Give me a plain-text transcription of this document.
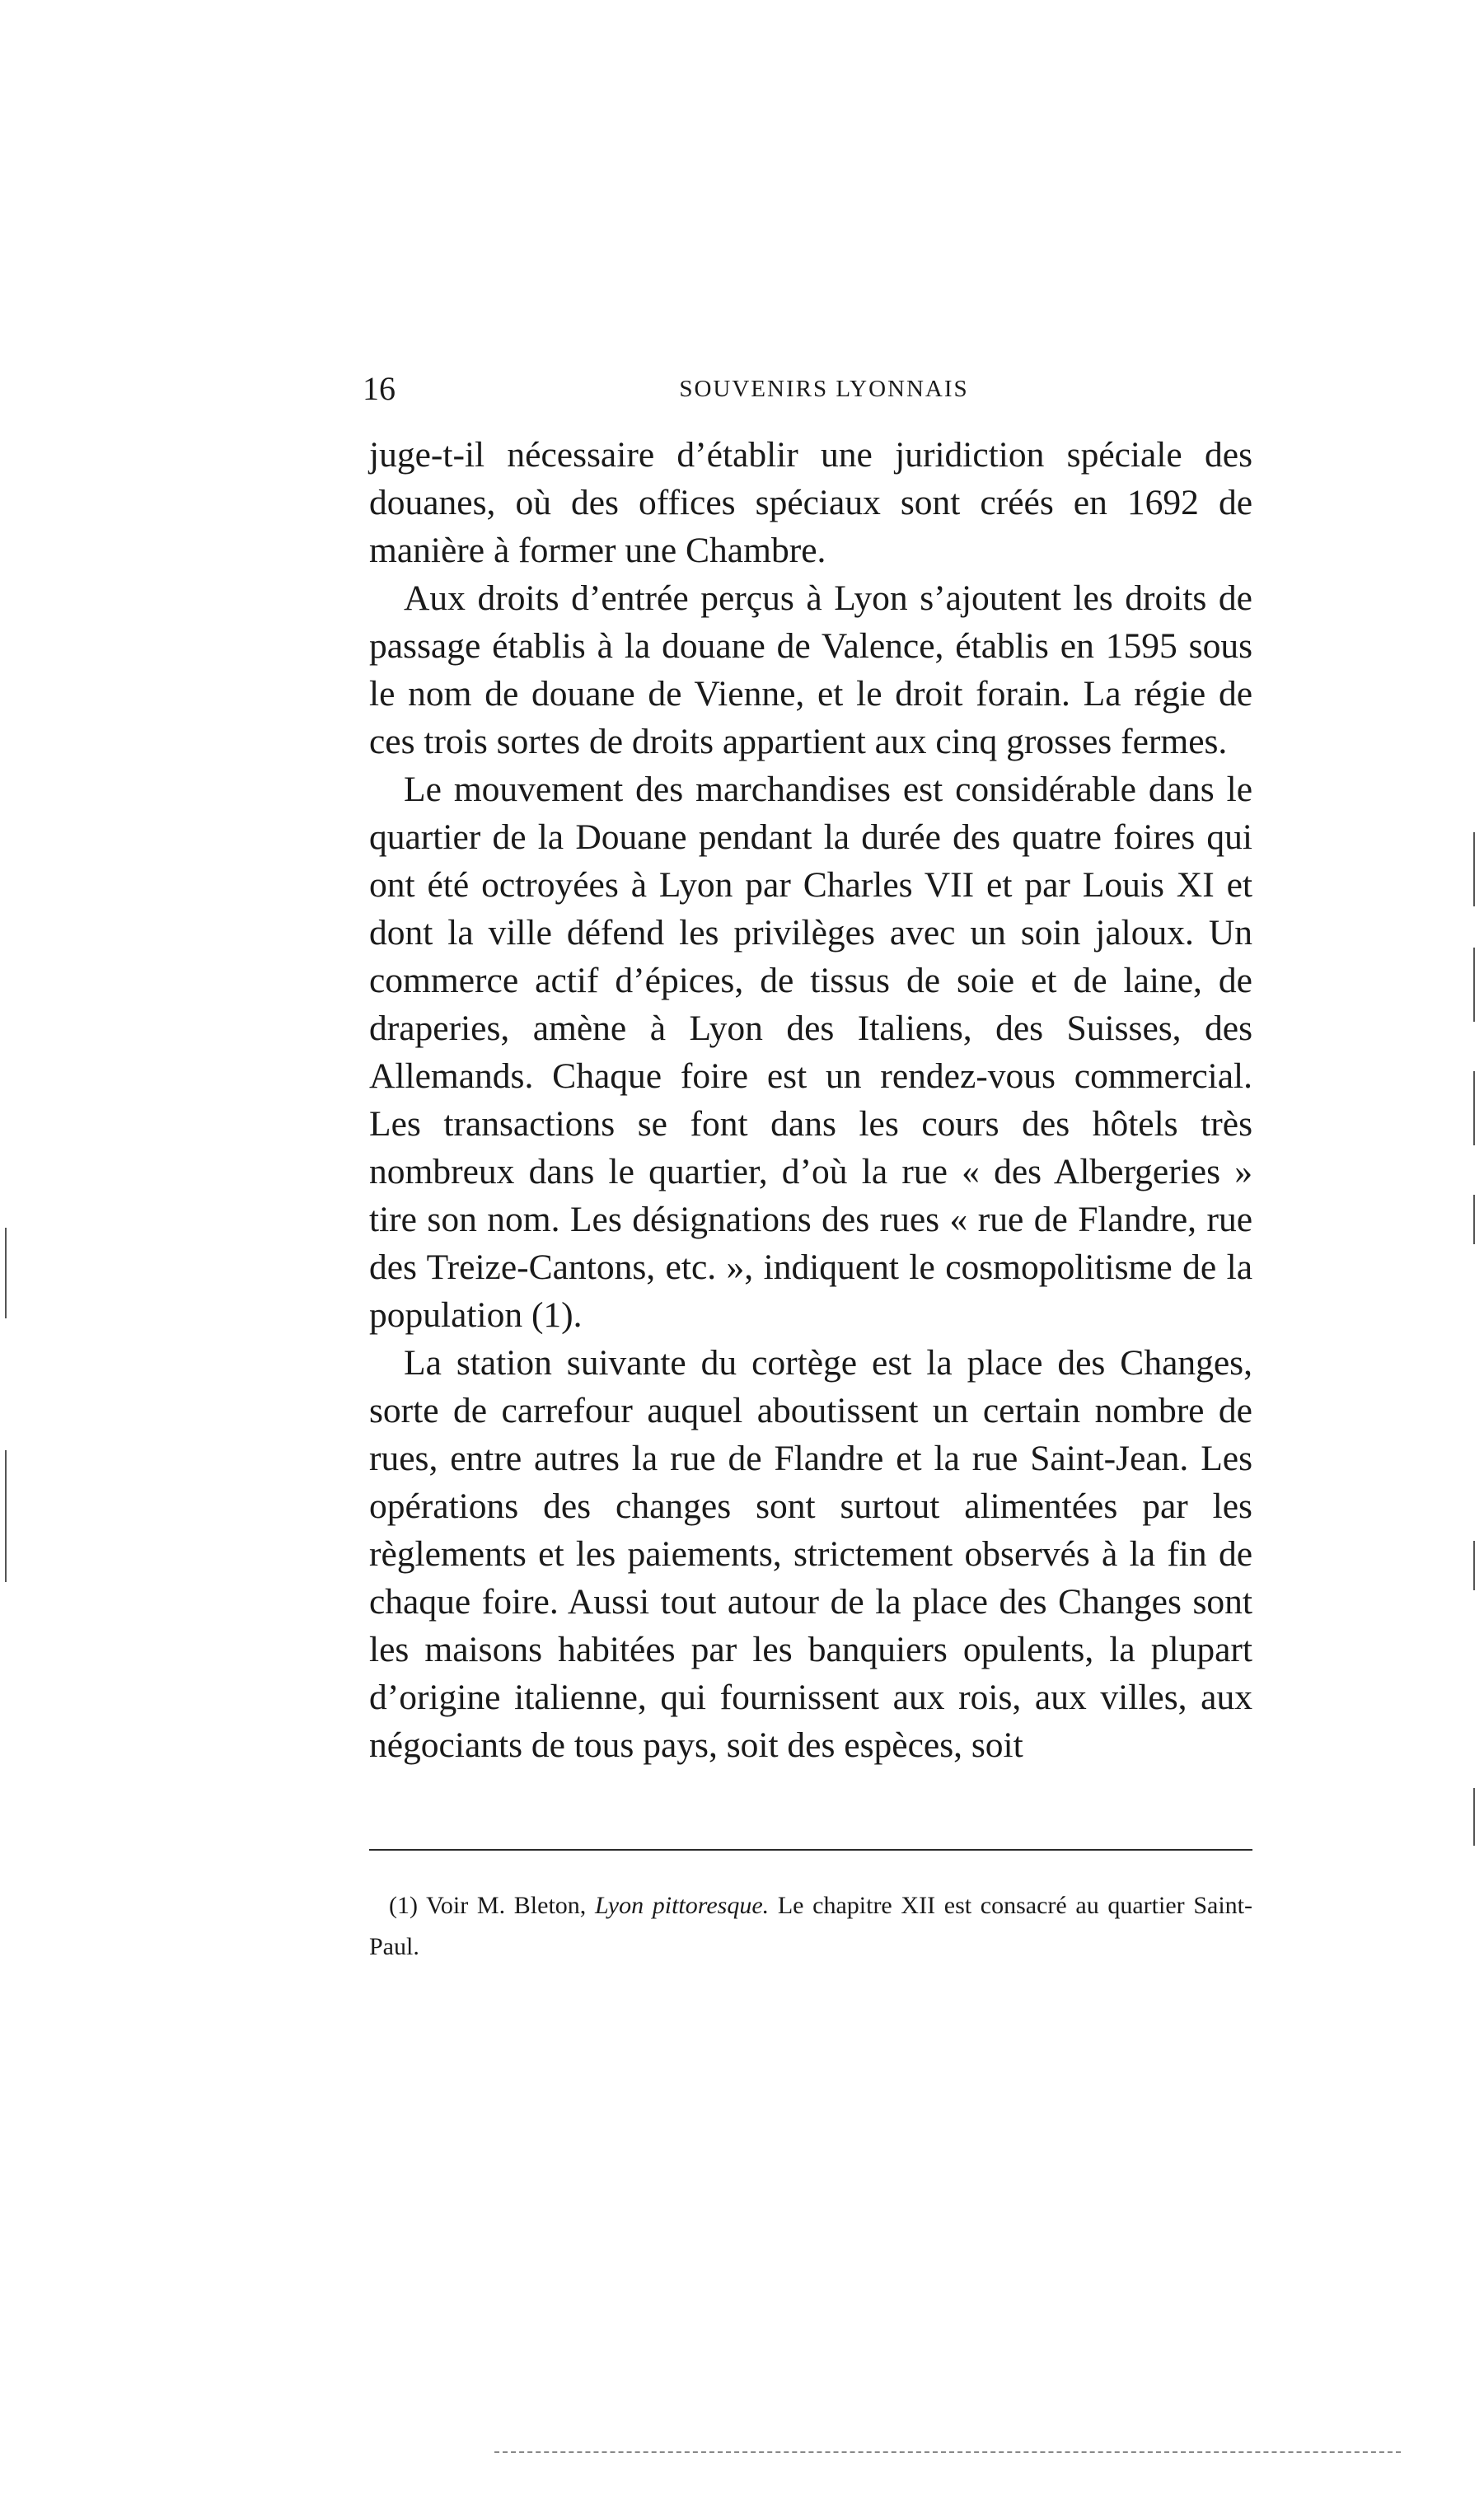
16	SOUVENIRS LYONNAIS

juge-t-il nécessaire d’établir une juridiction spéciale des douanes, où des offices spéciaux sont créés en 1692 de manière à former une Chambre.

Aux droits d’entrée perçus à Lyon s’ajoutent les droits de passage établis à la douane de Valence, établis en 1595 sous le nom de douane de Vienne, et le droit forain. La régie de ces trois sortes de droits appartient aux cinq grosses fermes.

Le mouvement des marchandises est considérable dans le quartier de la Douane pendant la durée des quatre foires qui ont été octroyées à Lyon par Charles VII et par Louis XI et dont la ville défend les privilèges avec un soin jaloux. Un commerce actif d’épices, de tissus de soie et de laine, de draperies, amène à Lyon des Italiens, des Suisses, des Allemands. Chaque foire est un rendez-vous commercial. Les transactions se font dans les cours des hôtels très nombreux dans le quartier, d’où la rue « des Albergeries » tire son nom. Les désignations des rues « rue de Flandre, rue des Treize-Cantons, etc. », indiquent le cosmopolitisme de la population (1).

La station suivante du cortège est la place des Changes, sorte de carrefour auquel aboutissent un certain nombre de rues, entre autres la rue de Flandre et la rue Saint-Jean. Les opérations des changes sont surtout alimentées par les règlements et les paiements, strictement observés à la fin de chaque foire. Aussi tout autour de la place des Changes sont les maisons habitées par les banquiers opulents, la plupart d’origine italienne, qui fournissent aux rois, aux villes, aux négociants de tous pays, soit des espèces, soit

(1) Voir M. Bleton, Lyon pittoresque. Le chapitre XII est consacré au quartier Saint-Paul.
